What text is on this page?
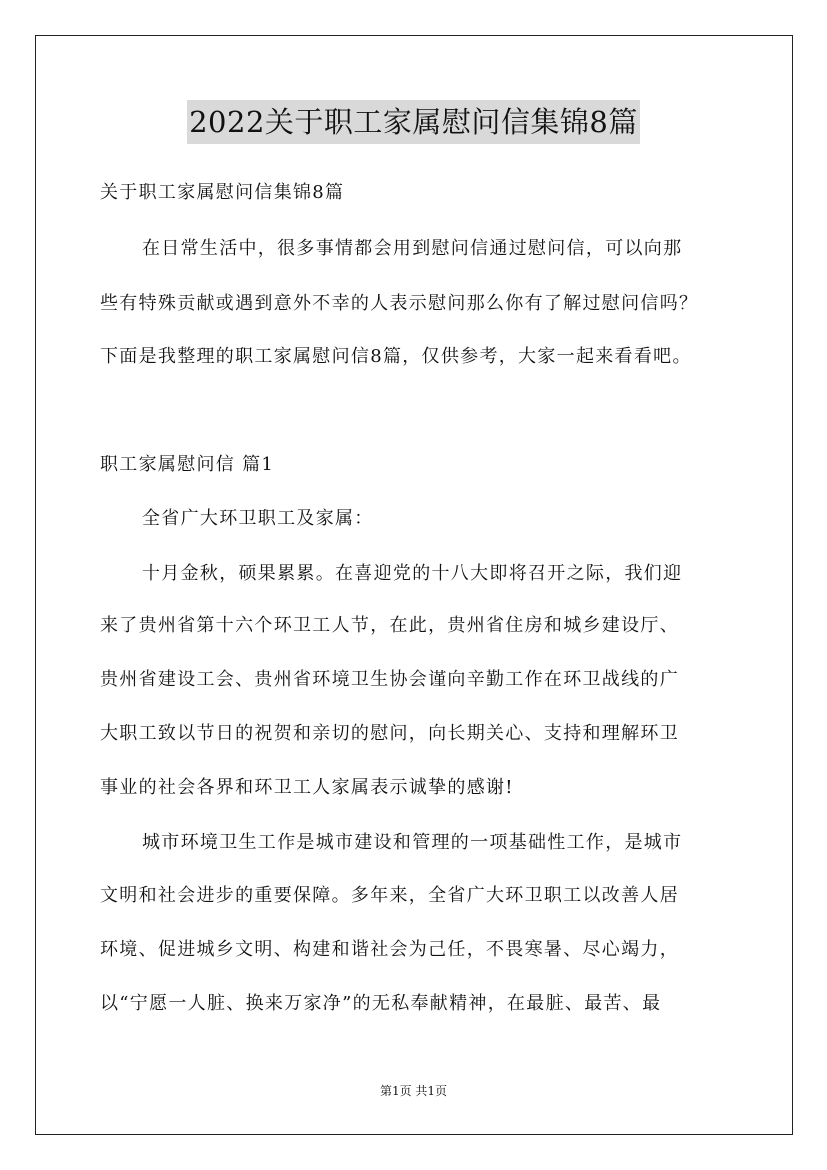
2022关于职工家属慰问信集锦8篇
关于职工家属慰问信集锦8篇
在日常生活中，很多事情都会用到慰问信通过慰问信，可以向那
些有特殊贡献或遇到意外不幸的人表示慰问那么你有了解过慰问信吗？
下面是我整理的职工家属慰问信8篇，仅供参考，大家一起来看看吧。
职工家属慰问信 篇1
全省广大环卫职工及家属：
十月金秋，硕果累累。在喜迎党的十八大即将召开之际，我们迎
来了贵州省第十六个环卫工人节，在此，贵州省住房和城乡建设厅、
贵州省建设工会、贵州省环境卫生协会谨向辛勤工作在环卫战线的广
大职工致以节日的祝贺和亲切的慰问，向长期关心、支持和理解环卫
事业的社会各界和环卫工人家属表示诚挚的感谢!
城市环境卫生工作是城市建设和管理的一项基础性工作，是城市
文明和社会进步的重要保障。多年来，全省广大环卫职工以改善人居
环境、促进城乡文明、构建和谐社会为己任，不畏寒暑、尽心竭力，
以“宁愿一人脏、换来万家净”的无私奉献精神，在最脏、最苦、最
第1页 共1页
